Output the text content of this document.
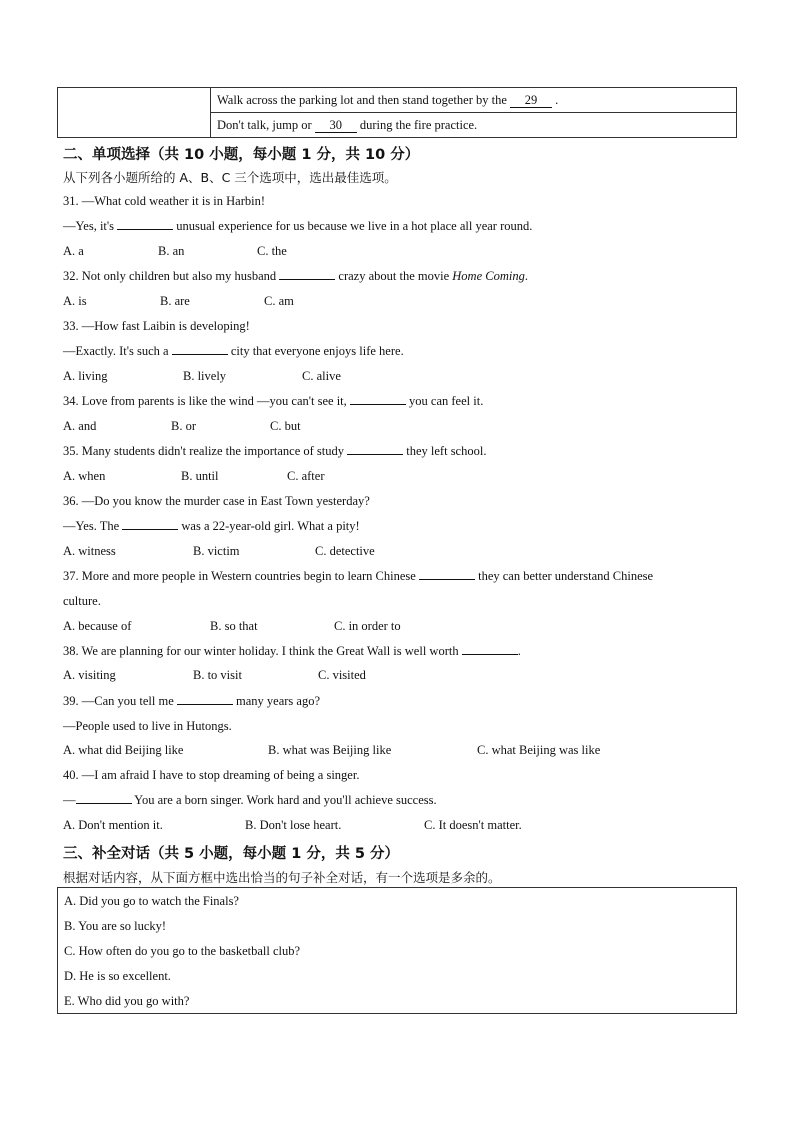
	Walk across the parking lot and then stand together by the 29 .
Don't talk, jump or 30 during the fire practice.
二、单项选择（共 10 小题，每小题 1 分，共 10 分）
从下列各小题所给的 A、B、C 三个选项中，选出最佳选项。
31. —What cold weather it is in Harbin!
—Yes, it's	unusual experience for us because we live in a hot place all year round.
A. a	B. an	C. the
32. Not only children but also my husband	crazy about the movie Home Coming.
A. is	B. are	C. am
33. —How fast Laibin is developing!
—Exactly. It's such a	city that everyone enjoys life here.
A. living	B. lively	C. alive
34. Love from parents is like the wind —you can't see it,	you can feel it.
A. and	B. or	C. but
35. Many students didn't realize the importance of study	they left school.
A. when	B. until	C. after
36. —Do you know the murder case in East Town yesterday?
—Yes. The	was a 22-year-old girl. What a pity!
A. witness	B. victim	C. detective
37. More and more people in Western countries begin to learn Chinese	they can better understand Chinese
culture.
A. because of	B. so that	C. in order to
38. We are planning for our winter holiday. I think the Great Wall is well worth	.
A. visiting	B. to visit	C. visited
39. —Can you tell me	many years ago?
—People used to live in Hutongs.
A. what did Beijing like	B. what was Beijing like	C. what Beijing was like
40. —I am afraid I have to stop dreaming of being a singer.
—	You are a born singer. Work hard and you'll achieve success.
A. Don't mention it.	B. Don't lose heart.	C. It doesn't matter.
三、补全对话（共 5 小题，每小题 1 分，共 5 分）
根据对话内容，从下面方框中选出恰当的句子补全对话，有一个选项是多余的。
A. Did you go to watch the Finals?
B. You are so lucky!
C. How often do you go to the basketball club?
D. He is so excellent.
E. Who did you go with?
